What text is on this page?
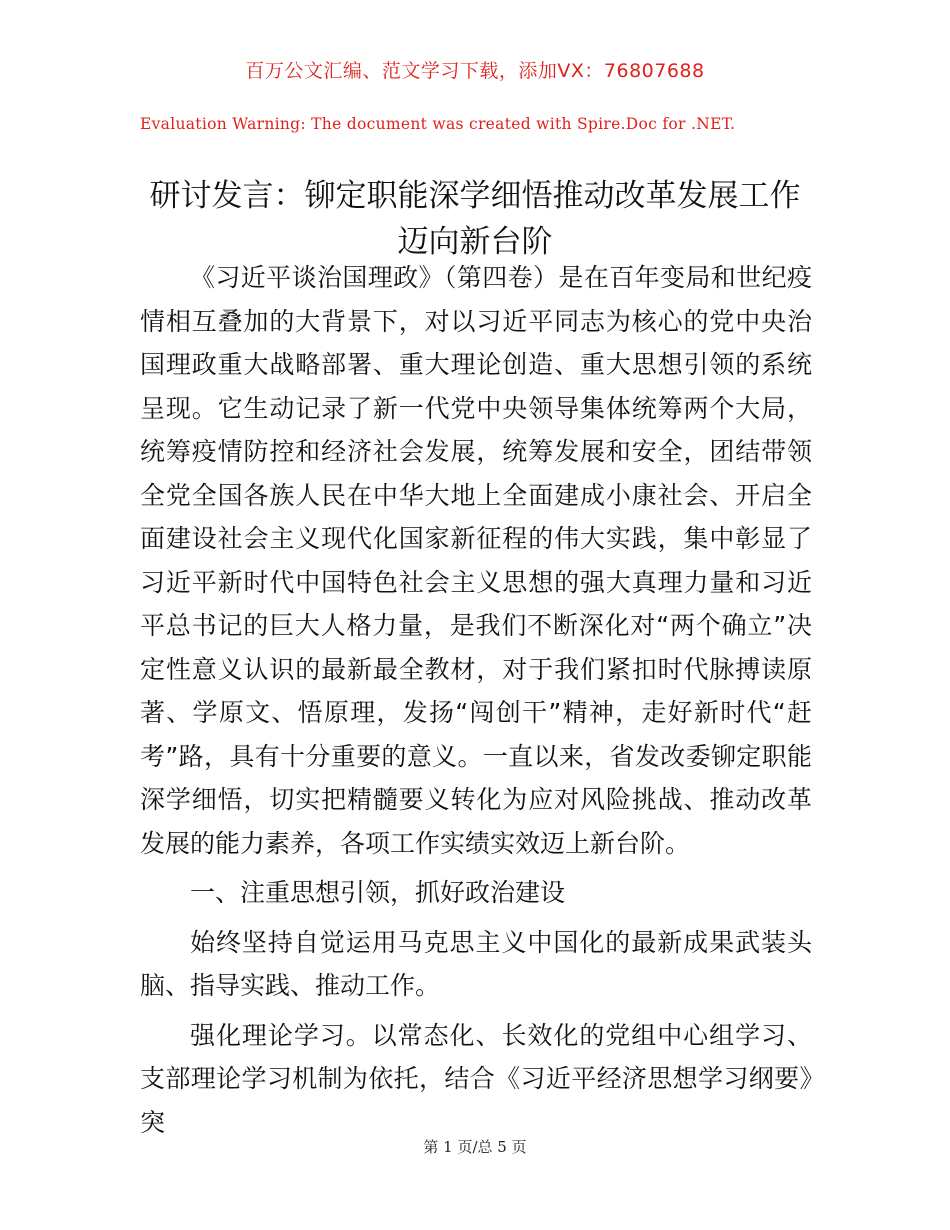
百万公文汇编、范文学习下载，添加VX：76807688
Evaluation Warning: The document was created with Spire.Doc for .NET.
研讨发言：铆定职能深学细悟推动改革发展工作迈向新台阶

《习近平谈治国理政》（第四卷）是在百年变局和世纪疫情相互叠加的大背景下，对以习近平同志为核心的党中央治国理政重大战略部署、重大理论创造、重大思想引领的系统呈现。它生动记录了新一代党中央领导集体统筹两个大局，统筹疫情防控和经济社会发展，统筹发展和安全，团结带领全党全国各族人民在中华大地上全面建成小康社会、开启全面建设社会主义现代化国家新征程的伟大实践，集中彰显了习近平新时代中国特色社会主义思想的强大真理力量和习近平总书记的巨大人格力量，是我们不断深化对“两个确立”决定性意义认识的最新最全教材，对于我们紧扣时代脉搏读原著、学原文、悟原理，发扬“闯创干”精神，走好新时代“赶考”路，具有十分重要的意义。一直以来，省发改委铆定职能深学细悟，切实把精髓要义转化为应对风险挑战、推动改革发展的能力素养，各项工作实绩实效迈上新台阶。

一、注重思想引领，抓好政治建设

始终坚持自觉运用马克思主义中国化的最新成果武装头脑、指导实践、推动工作。

强化理论学习。以常态化、长效化的党组中心组学习、支部理论学习机制为依托，结合《习近平经济思想学习纲要》突

第 1 页/总 5 页
